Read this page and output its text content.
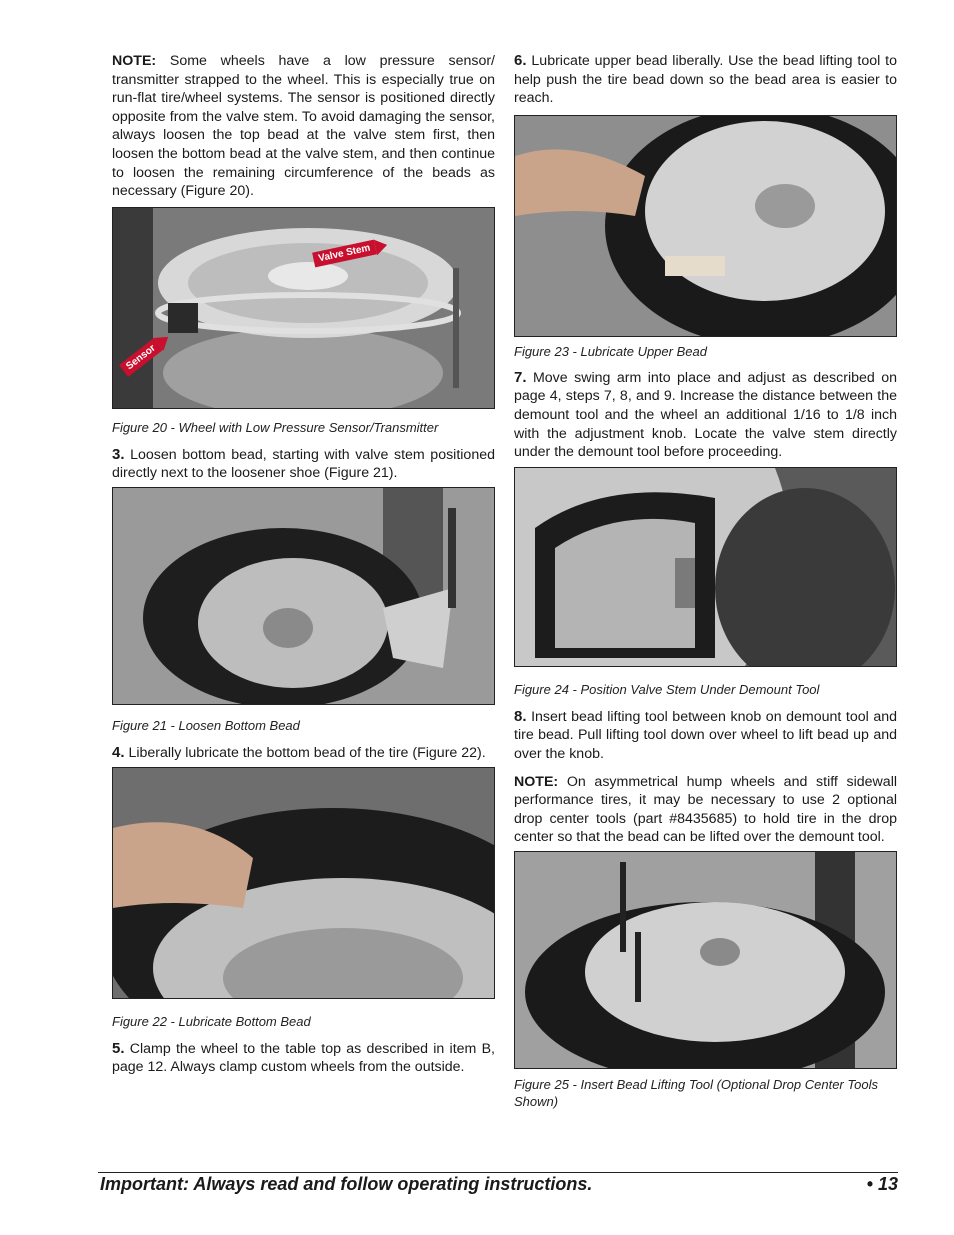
NOTE: Some wheels have a low pressure sensor/ transmitter strapped to the wheel. This is especially true on run-flat tire/wheel systems. The sensor is positioned directly opposite from the valve stem. To avoid damaging the sensor, always loosen the top bead at the valve stem first, then loosen the bottom bead at the valve stem, and then continue to loosen the remaining circumference of the beads as necessary (Figure 20).

Valve Stem
Sensor

Figure 20 - Wheel with Low Pressure Sensor/Transmitter

3. Loosen bottom bead, starting with valve stem positioned directly next to the loosener shoe (Figure 21).

Figure 21 - Loosen Bottom Bead

4. Liberally lubricate the bottom bead of the tire (Figure 22).

Figure 22 - Lubricate Bottom Bead

5. Clamp the wheel to the table top as described in item B, page 12. Always clamp custom wheels from the outside.

6. Lubricate upper bead liberally. Use the bead lifting tool to help push the tire bead down so the bead area is easier to reach.

Figure 23 - Lubricate Upper Bead

7. Move swing arm into place and adjust as described on page 4, steps 7, 8, and 9. Increase the distance between the demount tool and the wheel an additional 1/16 to 1/8 inch with the adjustment knob. Locate the valve stem directly under the demount tool before proceeding.

Figure 24 - Position Valve Stem Under Demount Tool

8. Insert bead lifting tool between knob on demount tool and tire bead. Pull lifting tool down over wheel to lift bead up and over the knob.

NOTE: On asymmetrical hump wheels and stiff sidewall performance tires, it may be necessary to use 2 optional drop center tools (part #8435685) to hold tire in the drop center so that the bead can be lifted over the demount tool.

Figure 25 - Insert Bead Lifting Tool (Optional Drop Center Tools Shown)

Important: Always read and follow operating instructions.	• 13
